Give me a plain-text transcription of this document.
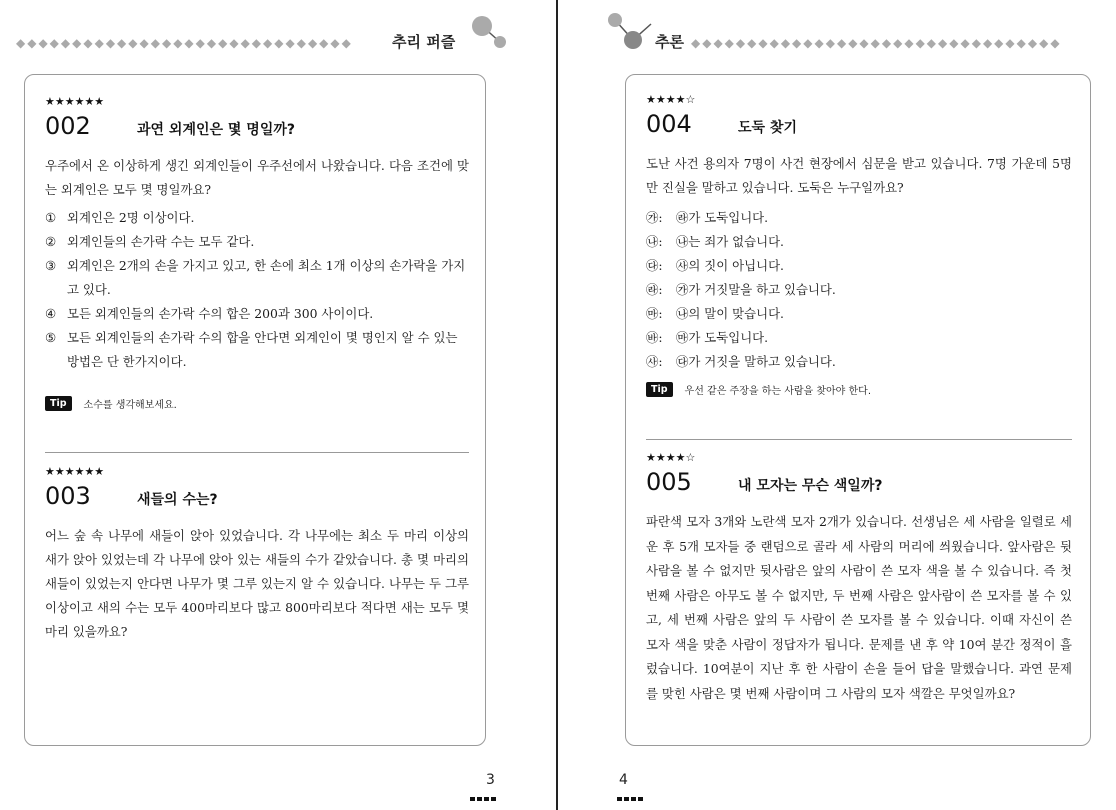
◆◆◆◆◆◆◆◆◆◆◆◆◆◆◆◆◆◆◆◆◆◆◆◆◆◆◆◆◆◆	추리 퍼즐
★★★★★★
002	과연 외계인은 몇 명일까?
우주에서 온 이상하게 생긴 외계인들이 우주선에서 나왔습니다. 다음 조건에 맞는 외계인은 모두 몇 명일까요?
① 외계인은 2명 이상이다.
② 외계인들의 손가락 수는 모두 같다.
③ 외계인은 2개의 손을 가지고 있고, 한 손에 최소 1개 이상의 손가락을 가지고 있다.
④ 모든 외계인들의 손가락 수의 합은 200과 300 사이이다.
⑤ 모든 외계인들의 손가락 수의 합을 안다면 외계인이 몇 명인지 알 수 있는 방법은 단 한가지이다.
Tip	소수를 생각해보세요.
★★★★★★
003	새들의 수는?
어느 숲 속 나무에 새들이 앉아 있었습니다. 각 나무에는 최소 두 마리 이상의 새가 앉아 있었는데 각 나무에 앉아 있는 새들의 수가 같았습니다. 총 몇 마리의 새들이 있었는지 안다면 나무가 몇 그루 있는지 알 수 있습니다. 나무는 두 그루 이상이고 새의 수는 모두 400마리보다 많고 800마리보다 적다면 새는 모두 몇 마리 있을까요?
3
추론 ◆◆◆◆◆◆◆◆◆◆◆◆◆◆◆◆◆◆◆◆◆◆◆◆◆◆◆◆◆◆◆◆◆
★★★★☆
004	도둑 찾기
도난 사건 용의자 7명이 사건 현장에서 심문을 받고 있습니다. 7명 가운데 5명만 진실을 말하고 있습니다. 도둑은 누구일까요?
㉮:	㉱가 도둑입니다.
㉯:	㉯는 죄가 없습니다.
㉰:	㉴의 짓이 아닙니다.
㉱:	㉮가 거짓말을 하고 있습니다.
㉲:	㉯의 말이 맞습니다.
㉳:	㉲가 도둑입니다.
㉴:	㉰가 거짓을 말하고 있습니다.
Tip	우선 같은 주장을 하는 사람을 찾아야 한다.
★★★★☆
005	내 모자는 무슨 색일까?
파란색 모자 3개와 노란색 모자 2개가 있습니다. 선생님은 세 사람을 일렬로 세운 후 5개 모자들 중 랜덤으로 골라 세 사람의 머리에 씌웠습니다. 앞사람은 뒷사람을 볼 수 없지만 뒷사람은 앞의 사람이 쓴 모자 색을 볼 수 있습니다. 즉 첫 번째 사람은 아무도 볼 수 없지만, 두 번째 사람은 앞사람이 쓴 모자를 볼 수 있고, 세 번째 사람은 앞의 두 사람이 쓴 모자를 볼 수 있습니다. 이때 자신이 쓴 모자 색을 맞춘 사람이 정답자가 됩니다. 문제를 낸 후 약 10여 분간 정적이 흘렀습니다. 10여분이 지난 후 한 사람이 손을 들어 답을 말했습니다. 과연 문제를 맞힌 사람은 몇 번째 사람이며 그 사람의 모자 색깔은 무엇일까요?
4
